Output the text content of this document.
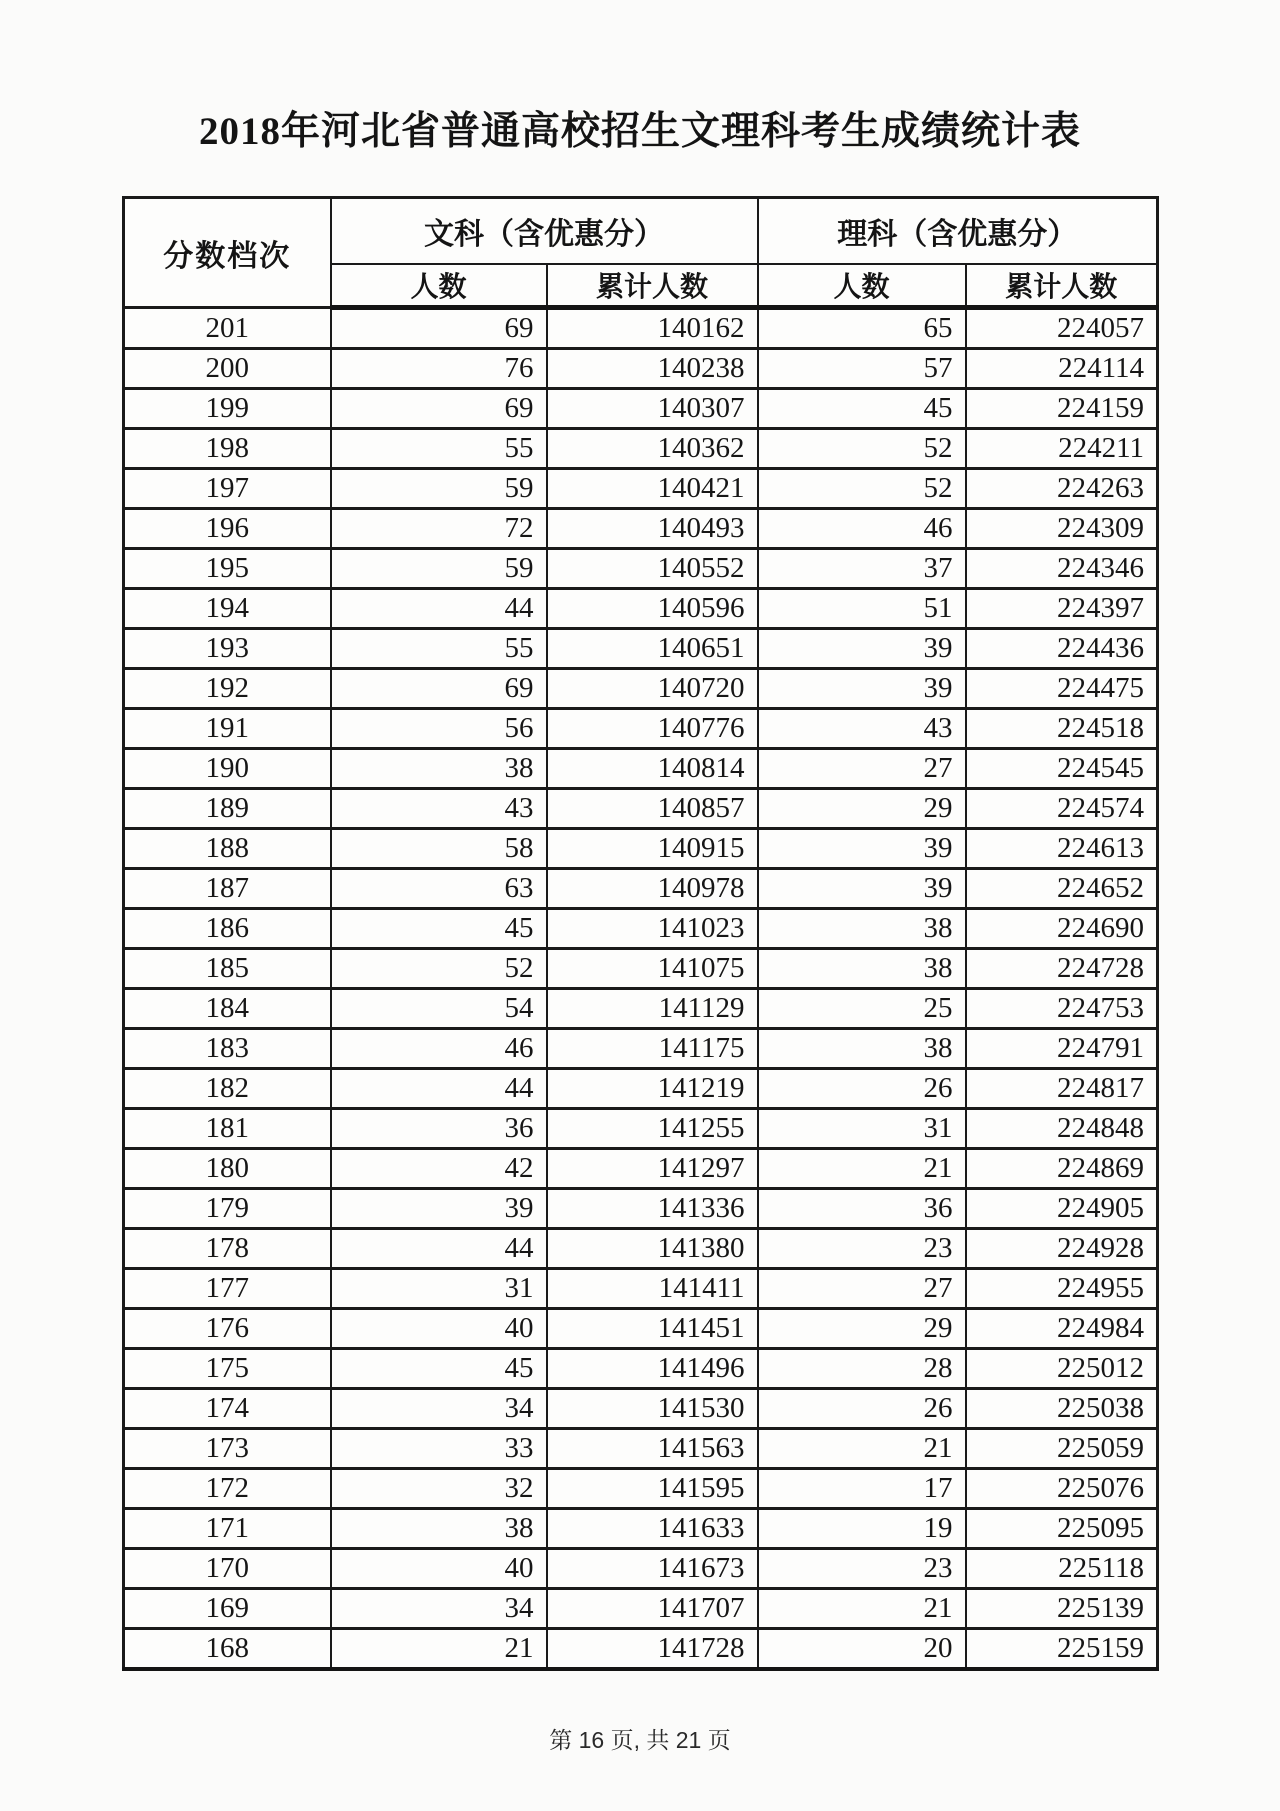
2018年河北省普通高校招生文理科考生成绩统计表
分数档次	文科（含优惠分）		理科（含优惠分）	
	人数	累计人数	人数	累计人数
201	69	140162	65	224057
200	76	140238	57	224114
199	69	140307	45	224159
198	55	140362	52	224211
197	59	140421	52	224263
196	72	140493	46	224309
195	59	140552	37	224346
194	44	140596	51	224397
193	55	140651	39	224436
192	69	140720	39	224475
191	56	140776	43	224518
190	38	140814	27	224545
189	43	140857	29	224574
188	58	140915	39	224613
187	63	140978	39	224652
186	45	141023	38	224690
185	52	141075	38	224728
184	54	141129	25	224753
183	46	141175	38	224791
182	44	141219	26	224817
181	36	141255	31	224848
180	42	141297	21	224869
179	39	141336	36	224905
178	44	141380	23	224928
177	31	141411	27	224955
176	40	141451	29	224984
175	45	141496	28	225012
174	34	141530	26	225038
173	33	141563	21	225059
172	32	141595	17	225076
171	38	141633	19	225095
170	40	141673	23	225118
169	34	141707	21	225139
168	21	141728	20	225159
第 16 页, 共 21 页
